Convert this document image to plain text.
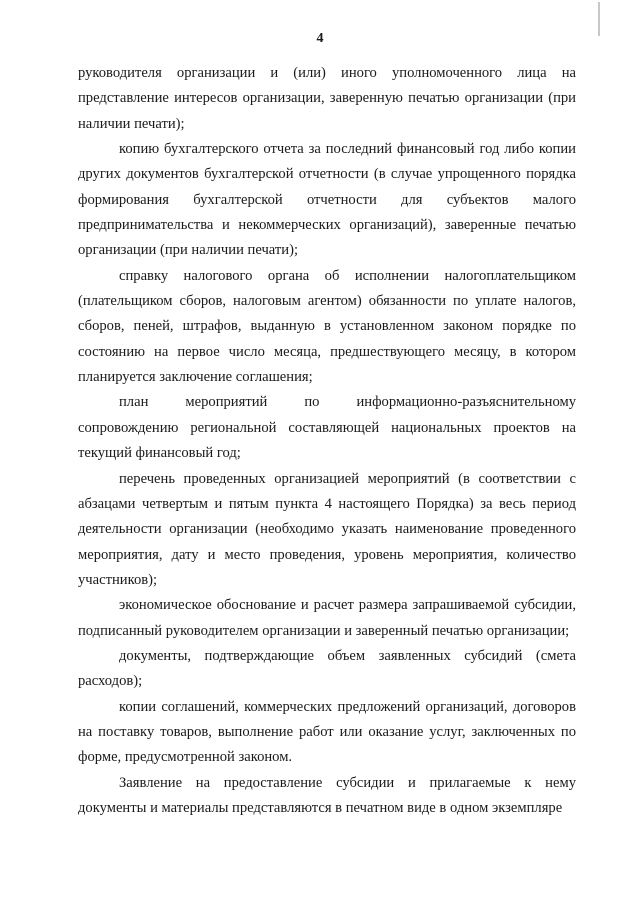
4

руководителя организации и (или) иного уполномоченного лица на представление интересов организации, заверенную печатью организации (при наличии печати);

копию бухгалтерского отчета за последний финансовый год либо копии других документов бухгалтерской отчетности (в случае упрощенного порядка формирования бухгалтерской отчетности для субъектов малого предпринимательства и некоммерческих организаций), заверенные печатью организации (при наличии печати);

справку налогового органа об исполнении налогоплательщиком (плательщиком сборов, налоговым агентом) обязанности по уплате налогов, сборов, пеней, штрафов, выданную в установленном законом порядке по состоянию на первое число месяца, предшествующего месяцу, в котором планируется заключение соглашения;

план мероприятий по информационно-разъяснительному сопровождению региональной составляющей национальных проектов на текущий финансовый год;

перечень проведенных организацией мероприятий (в соответствии с абзацами четвертым и пятым пункта 4 настоящего Порядка) за весь период деятельности организации (необходимо указать наименование проведенного мероприятия, дату и место проведения, уровень мероприятия, количество участников);

экономическое обоснование и расчет размера запрашиваемой субсидии, подписанный руководителем организации и заверенный печатью организации;

документы, подтверждающие объем заявленных субсидий (смета расходов);

копии соглашений, коммерческих предложений организаций, договоров на поставку товаров, выполнение работ или оказание услуг, заключенных по форме, предусмотренной законом.

Заявление на предоставление субсидии и прилагаемые к нему документы и материалы представляются в печатном виде в одном экземпляре
